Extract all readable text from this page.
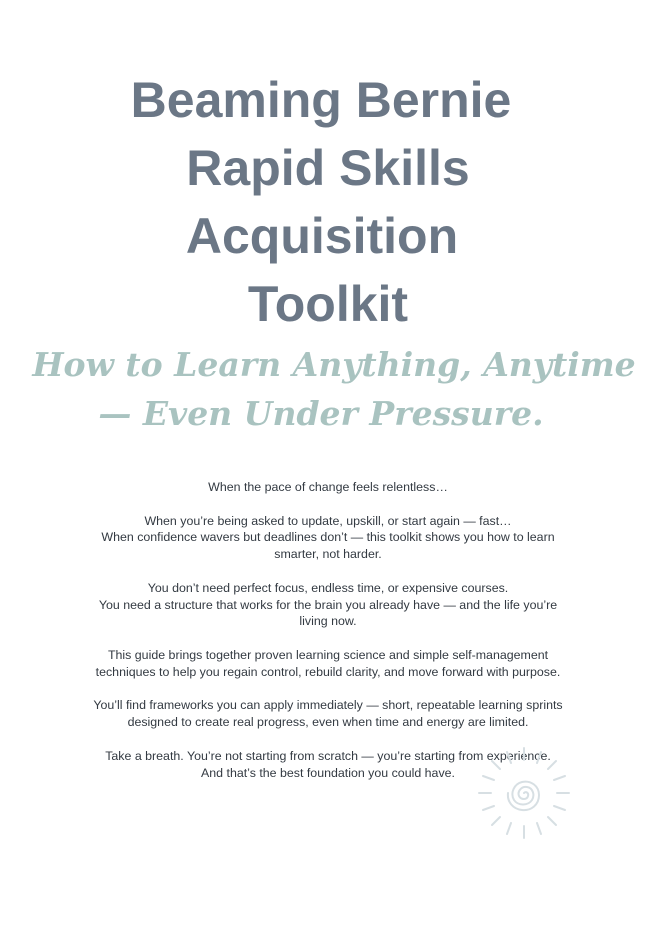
Beaming Bernie
Rapid Skills
Acquisition
Toolkit
How to Learn Anything, Anytime
— Even Under Pressure.

When the pace of change feels relentless…

When you’re being asked to update, upskill, or start again — fast…
When confidence wavers but deadlines don’t — this toolkit shows you how to learn
smarter, not harder.

You don’t need perfect focus, endless time, or expensive courses.
You need a structure that works for the brain you already have — and the life you’re
living now.

This guide brings together proven learning science and simple self-management
techniques to help you regain control, rebuild clarity, and move forward with purpose.

You’ll find frameworks you can apply immediately — short, repeatable learning sprints
designed to create real progress, even when time and energy are limited.

Take a breath. You’re not starting from scratch — you’re starting from experience.
And that’s the best foundation you could have.
